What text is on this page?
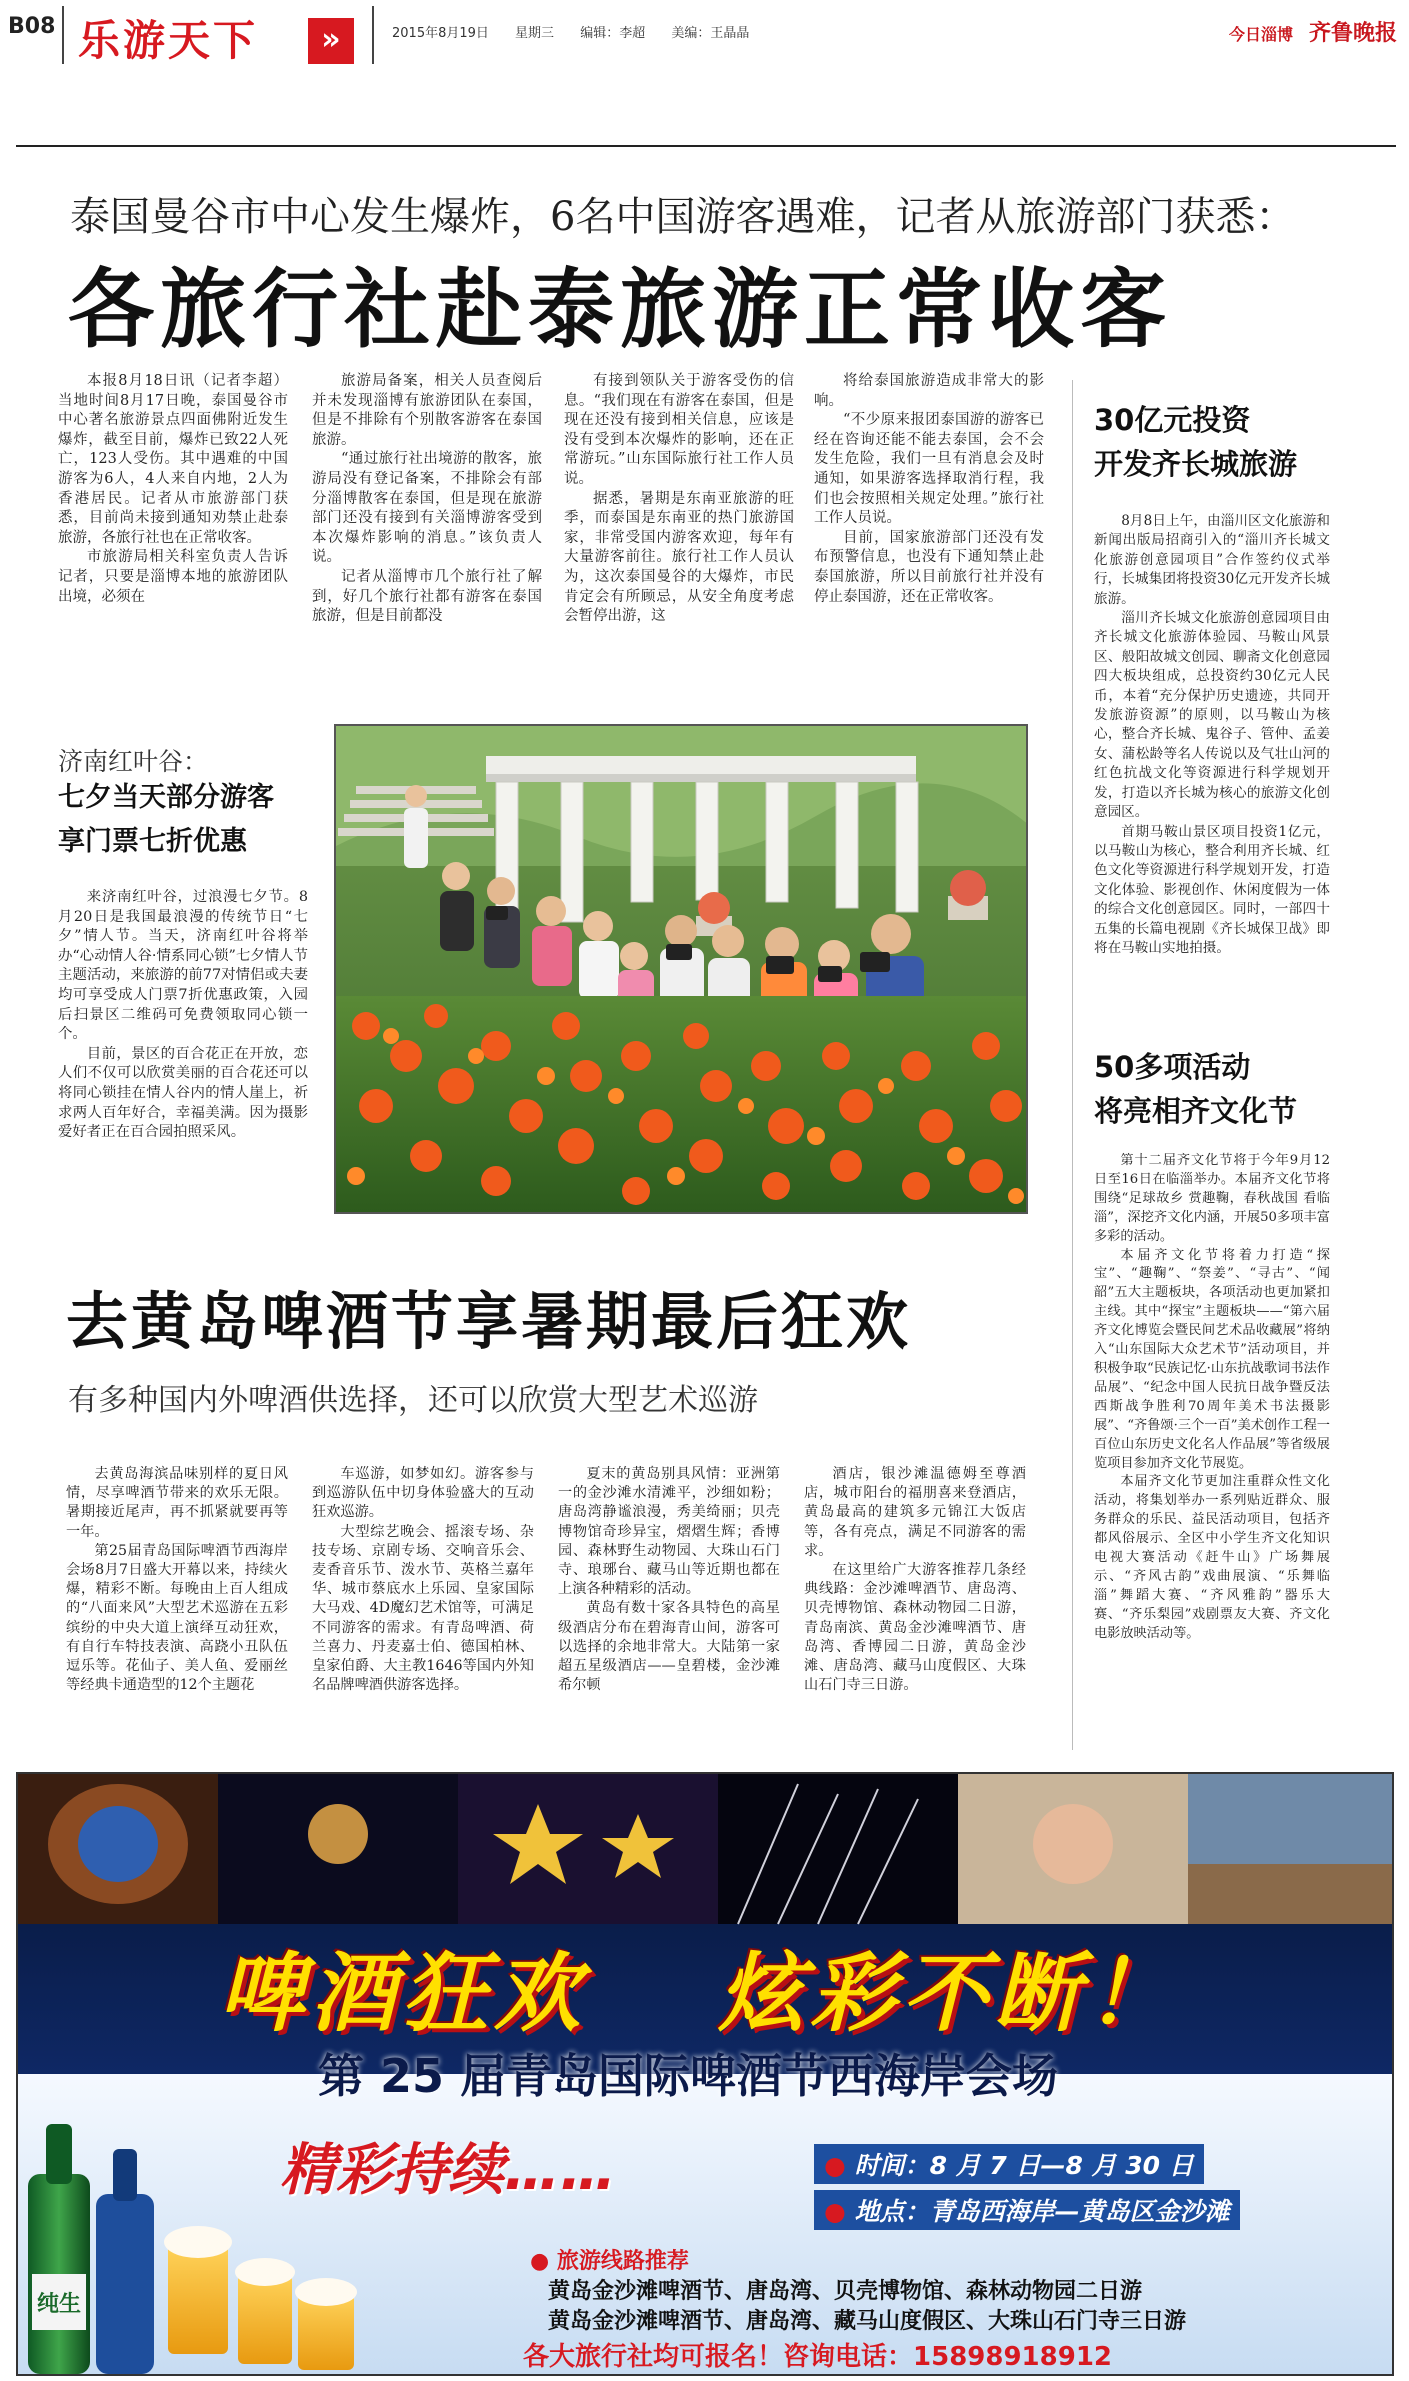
B08 乐游天下	»	2015年8月19日 星期三 编辑：李超 美编：王晶晶	今日淄博 齐鲁晚报
泰国曼谷市中心发生爆炸，6名中国游客遇难，记者从旅游部门获悉：
各旅行社赴泰旅游正常收客

本报8月18日讯（记者李超） 当地时间8月17日晚，泰国曼谷市中心著名旅游景点四面佛附近发生爆炸，截至目前，爆炸已致22人死亡，123人受伤。其中遇难的中国游客为6人，4人来自内地，2人为香港居民。记者从市旅游部门获悉，目前尚未接到通知劝禁止赴泰旅游，各旅行社也在正常收客。

市旅游局相关科室负责人告诉记者，只要是淄博本地的旅游团队出境，必须在

旅游局备案，相关人员查阅后并未发现淄博有旅游团队在泰国，但是不排除有个别散客游客在泰国旅游。

“通过旅行社出境游的散客，旅游局没有登记备案，不排除会有部分淄博散客在泰国，但是现在旅游部门还没有接到有关淄博游客受到本次爆炸影响的消息。”该负责人说。

记者从淄博市几个旅行社了解到，好几个旅行社都有游客在泰国旅游，但是目前都没

有接到领队关于游客受伤的信息。“我们现在有游客在泰国，但是现在还没有接到相关信息，应该是没有受到本次爆炸的影响，还在正常游玩。”山东国际旅行社工作人员说。

据悉，暑期是东南亚旅游的旺季，而泰国是东南亚的热门旅游国家，非常受国内游客欢迎，每年有大量游客前往。旅行社工作人员认为，这次泰国曼谷的大爆炸，市民肯定会有所顾忌，从安全角度考虑会暂停出游，这

将给泰国旅游造成非常大的影响。

“不少原来报团泰国游的游客已经在咨询还能不能去泰国，会不会发生危险，我们一旦有消息会及时通知，如果游客选择取消行程，我们也会按照相关规定处理。”旅行社工作人员说。

目前，国家旅游部门还没有发布预警信息，也没有下通知禁止赴泰国旅游，所以目前旅行社并没有停止泰国游，还在正常收客。

30亿元投资
开发齐长城旅游

8月8日上午，由淄川区文化旅游和新闻出版局招商引入的“淄川齐长城文化旅游创意园项目”合作签约仪式举行，长城集团将投资30亿元开发齐长城旅游。

淄川齐长城文化旅游创意园项目由齐长城文化旅游体验园、马鞍山风景区、般阳故城文创园、聊斋文化创意园四大板块组成，总投资约30亿元人民币，本着“充分保护历史遗迹，共同开发旅游资源”的原则，以马鞍山为核心，整合齐长城、鬼谷子、管仲、孟姜女、蒲松龄等名人传说以及气壮山河的红色抗战文化等资源进行科学规划开发，打造以齐长城为核心的旅游文化创意园区。

首期马鞍山景区项目投资1亿元，以马鞍山为核心，整合利用齐长城、红色文化等资源进行科学规划开发，打造文化体验、影视创作、休闲度假为一体的综合文化创意园区。同时，一部四十五集的长篇电视剧《齐长城保卫战》即将在马鞍山实地拍摄。

50多项活动
将亮相齐文化节

第十二届齐文化节将于今年9月12日至16日在临淄举办。本届齐文化节将围绕“足球故乡 赏趣鞠，春秋战国 看临淄”，深挖齐文化内涵，开展50多项丰富多彩的活动。

本届齐文化节将着力打造“探宝”、“趣鞠”、“祭姜”、“寻古”、“闻韶”五大主题板块，各项活动也更加紧扣主线。其中“探宝”主题板块——“第六届齐文化博览会暨民间艺术品收藏展”将纳入“山东国际大众艺术节”活动项目，并积极争取“民族记忆·山东抗战歌词书法作品展”、“纪念中国人民抗日战争暨反法西斯战争胜利70周年美术书法摄影展”、“齐鲁颂·三个一百”美术创作工程一百位山东历史文化名人作品展”等省级展览项目参加齐文化节展览。

本届齐文化节更加注重群众性文化活动，将集划举办一系列贴近群众、服务群众的乐民、益民活动项目，包括齐都风俗展示、全区中小学生齐文化知识电视大赛活动《赶牛山》广场舞展示、“齐风古韵”戏曲展演、“乐舞临淄”舞蹈大赛、“齐风雅韵”器乐大赛、“齐乐梨园”戏剧票友大赛、齐文化电影放映活动等。

济南红叶谷：
七夕当天部分游客
享门票七折优惠

来济南红叶谷，过浪漫七夕节。8月20日是我国最浪漫的传统节日“七夕”情人节。当天，济南红叶谷将举办“心动情人谷·情系同心锁”七夕情人节主题活动，来旅游的前77对情侣或夫妻均可享受成人门票7折优惠政策，入园后扫景区二维码可免费领取同心锁一个。

目前，景区的百合花正在开放，恋人们不仅可以欣赏美丽的百合花还可以将同心锁挂在情人谷内的情人崖上，祈求两人百年好合，幸福美满。因为摄影爱好者正在百合园拍照采风。

去黄岛啤酒节享暑期最后狂欢
有多种国内外啤酒供选择，还可以欣赏大型艺术巡游

去黄岛海滨品味别样的夏日风情，尽享啤酒节带来的欢乐无限。暑期接近尾声，再不抓紧就要再等一年。

第25届青岛国际啤酒节西海岸会场8月7日盛大开幕以来，持续火爆，精彩不断。每晚由上百人组成的“八面来风”大型艺术巡游在五彩缤纷的中央大道上演绎互动狂欢，有自行车特技表演、高跷小丑队伍逗乐等。花仙子、美人鱼、爱丽丝等经典卡通造型的12个主题花

车巡游，如梦如幻。游客参与到巡游队伍中切身体验盛大的互动狂欢巡游。

大型综艺晚会、摇滚专场、杂技专场、京剧专场、交响音乐会、麦香音乐节、泼水节、英格兰嘉年华、城市蔡底水上乐园、皇家国际大马戏、4D魔幻艺术馆等，可满足不同游客的需求。有青岛啤酒、荷兰喜力、丹麦嘉士伯、德国柏林、皇家伯爵、大主教1646等国内外知名品牌啤酒供游客选择。

夏末的黄岛别具风情：亚洲第一的金沙滩水清滩平，沙细如粉；唐岛湾静谧浪漫，秀美绮丽；贝壳博物馆奇珍异宝，熠熠生辉；香博园、森林野生动物园、大珠山石门寺、琅琊台、藏马山等近期也都在上演各种精彩的活动。

黄岛有数十家各具特色的高星级酒店分布在碧海青山间，游客可以选择的余地非常大。大陆第一家超五星级酒店——皇碧楼，金沙滩希尔顿

酒店，银沙滩温德姆至尊酒店，城市阳台的福朋喜来登酒店，黄岛最高的建筑多元锦江大饭店等，各有亮点，满足不同游客的需求。

在这里给广大游客推荐几条经典线路：金沙滩啤酒节、唐岛湾、贝壳博物馆、森林动物园二日游，青岛南滨、黄岛金沙滩啤酒节、唐岛湾、香博园二日游，黄岛金沙滩、唐岛湾、藏马山度假区、大珠山石门寺三日游。

纯生
啤酒狂欢 炫彩不断！
第 25 届青岛国际啤酒节西海岸会场
精彩持续……	● 时间：8 月 7 日—8 月 30 日
● 地点：青岛西海岸—黄岛区金沙滩
● 旅游线路推荐
黄岛金沙滩啤酒节、唐岛湾、贝壳博物馆、森林动物园二日游
黄岛金沙滩啤酒节、唐岛湾、藏马山度假区、大珠山石门寺三日游
各大旅行社均可报名！咨询电话：15898918912
